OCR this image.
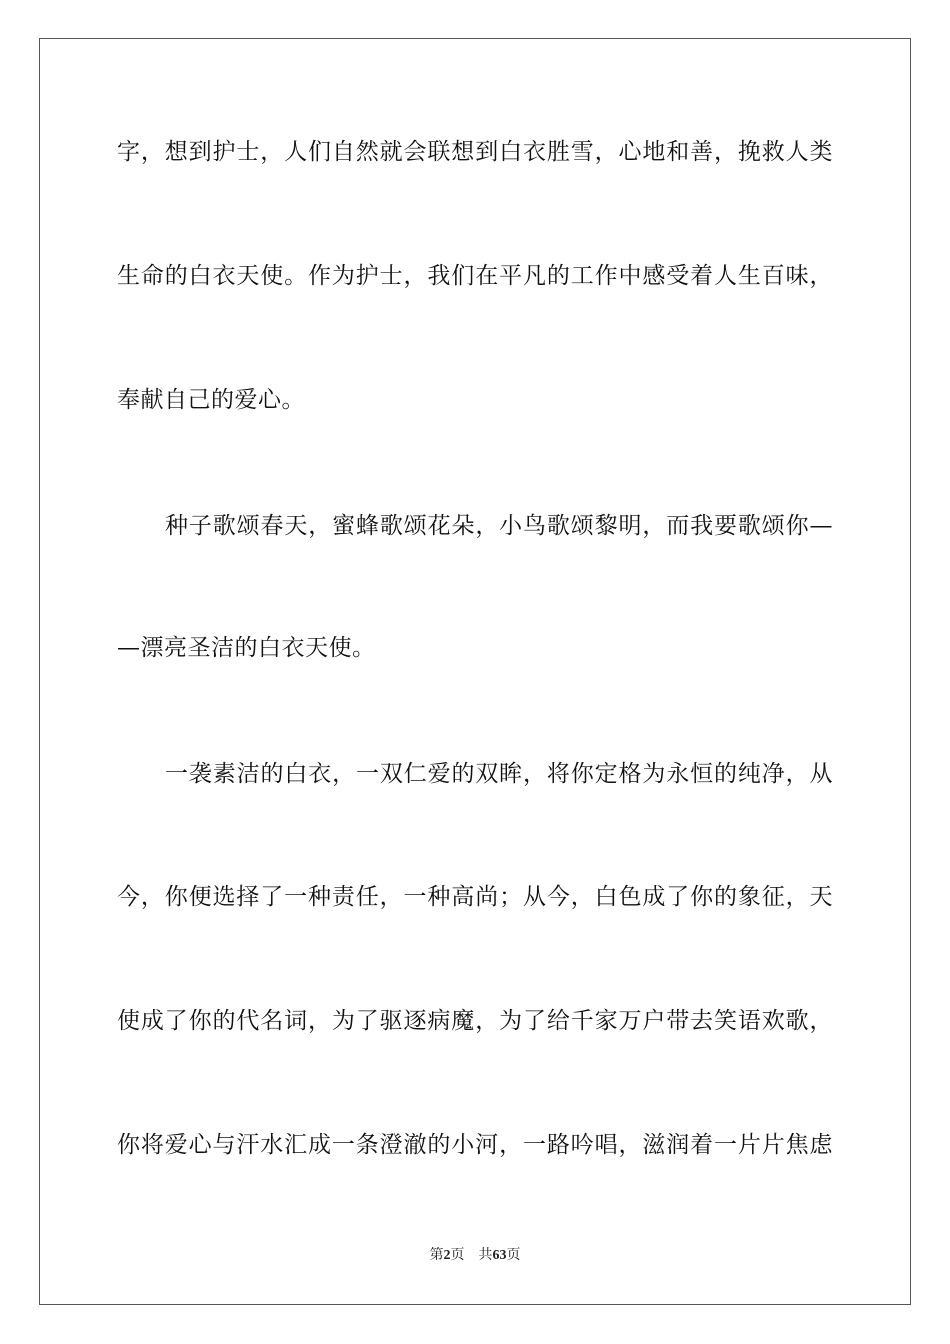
字，想到护士，人们自然就会联想到白衣胜雪，心地和善，挽救人类
生命的白衣天使。作为护士，我们在平凡的工作中感受着人生百味，
奉献自己的爱心。
种子歌颂春天，蜜蜂歌颂花朵，小鸟歌颂黎明，而我要歌颂你—
—漂亮圣洁的白衣天使。
一袭素洁的白衣，一双仁爱的双眸，将你定格为永恒的纯净，从
今，你便选择了一种责任，一种高尚；从今，白色成了你的象征，天
使成了你的代名词，为了驱逐病魔，为了给千家万户带去笑语欢歌，
你将爱心与汗水汇成一条澄澈的小河，一路吟唱，滋润着一片片焦虑
第2页 共63页
